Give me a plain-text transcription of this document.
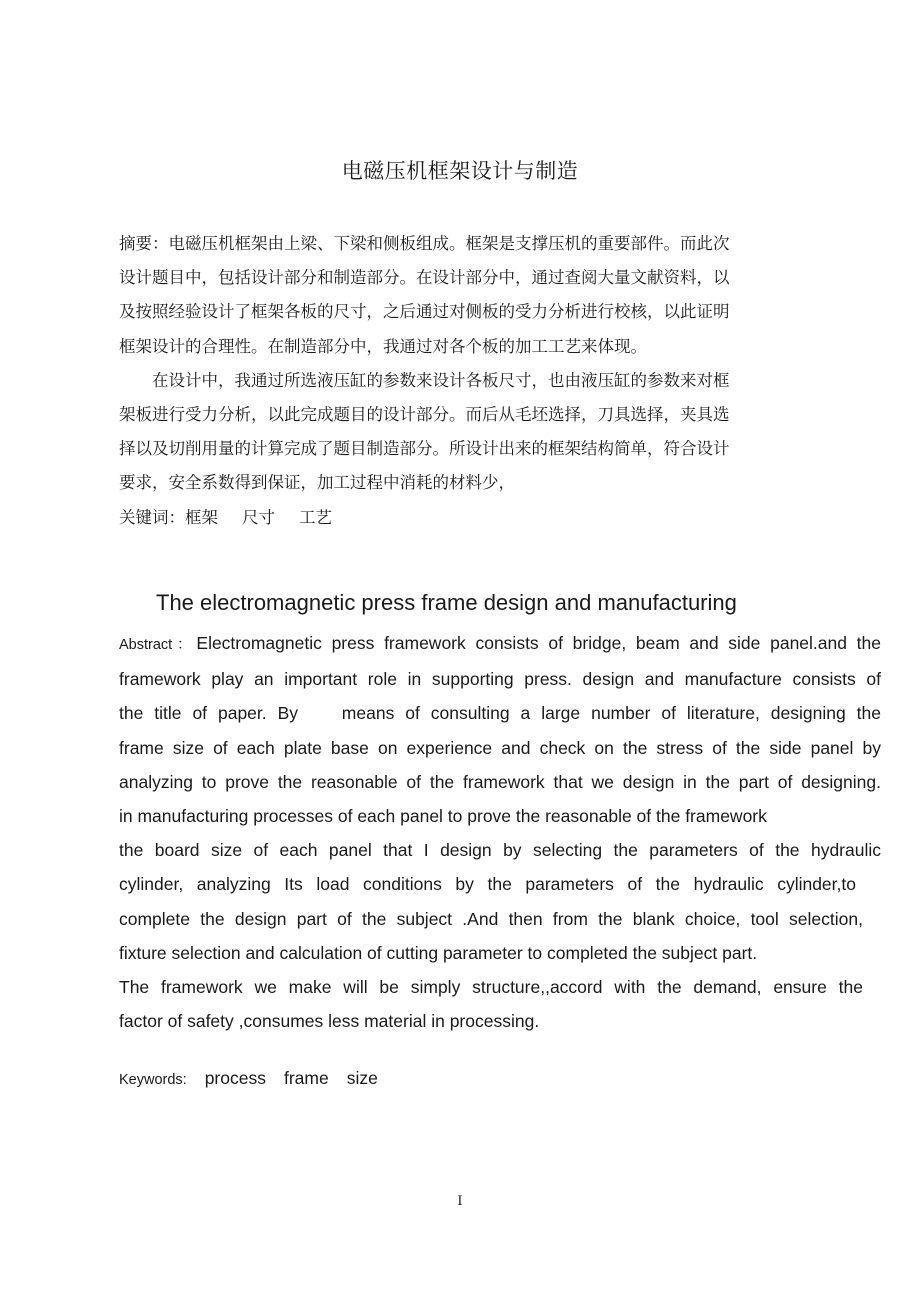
电磁压机框架设计与制造

摘要：电磁压机框架由上梁、下梁和侧板组成。框架是支撑压机的重要部件。而此次

设计题目中，包括设计部分和制造部分。在设计部分中，通过查阅大量文献资料，以

及按照经验设计了框架各板的尺寸，之后通过对侧板的受力分析进行校核，以此证明

框架设计的合理性。在制造部分中，我通过对各个板的加工工艺来体现。

在设计中，我通过所选液压缸的参数来设计各板尺寸，也由液压缸的参数来对框

架板进行受力分析，以此完成题目的设计部分。而后从毛坯选择，刀具选择，夹具选

择以及切削用量的计算完成了题目制造部分。所设计出来的框架结构简单，符合设计

要求，安全系数得到保证，加工过程中消耗的材料少，

关键词：框架 尺寸 工艺

The electromagnetic press frame design and manufacturing

Abstract：Electromagnetic press framework consists of bridge, beam and side panel.and the

framework play an important role in supporting press. design and manufacture consists of

the title of paper. By    means of consulting a large number of literature, designing the

frame size of each plate base on experience and check on the stress of the side panel by

analyzing to prove the reasonable of the framework that we design in the part of designing.

in manufacturing processes of each panel to prove the reasonable of the framework

the board size of each panel that I design by selecting the parameters of the hydraulic

cylinder, analyzing Its load conditions by the parameters of the hydraulic cylinder,to

complete the design part of the subject .And then from the blank choice, tool selection,

fixture selection and calculation of cutting parameter to completed the subject part.

The framework we make will be simply structure,,accord with the demand, ensure the

factor of safety ,consumes less material in processing.

Keywords: process frame size
I
